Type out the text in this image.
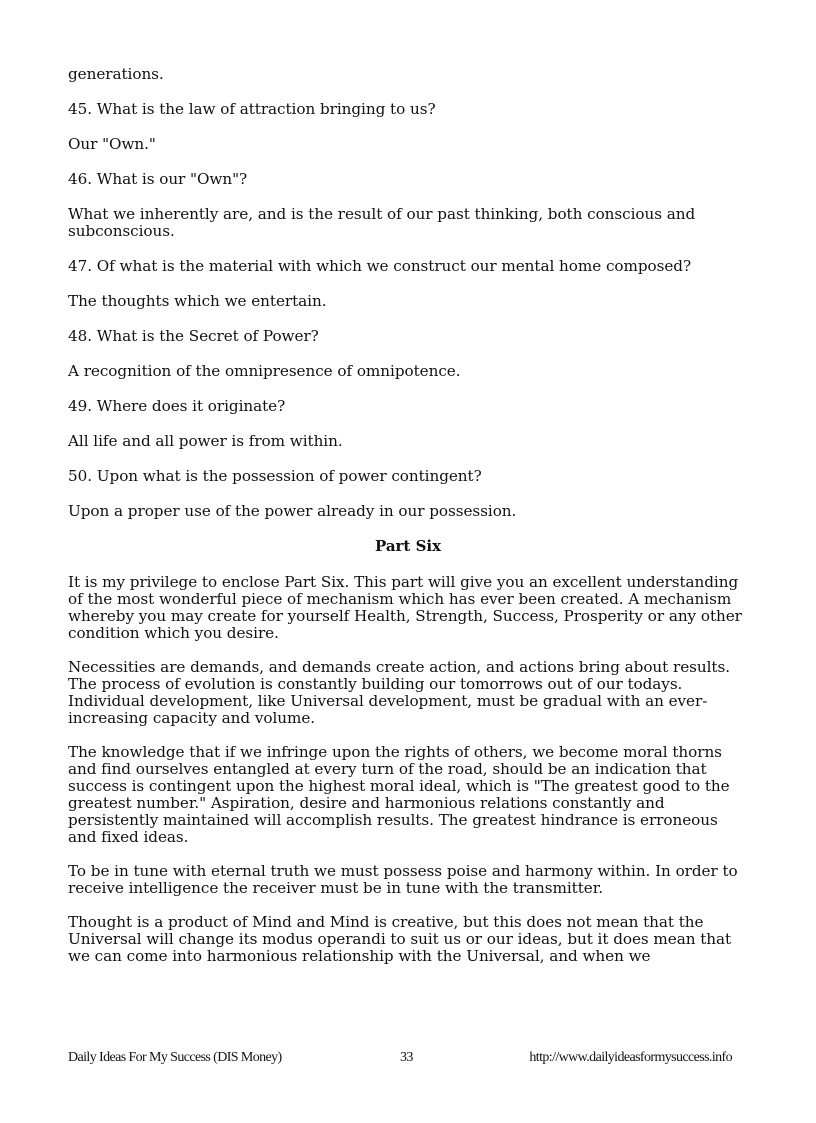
generations.

45. What is the law of attraction bringing to us?

Our "Own."

46. What is our "Own"?

What we inherently are, and is the result of our past thinking, both conscious and subconscious.

47. Of what is the material with which we construct our mental home composed?

The thoughts which we entertain.

48. What is the Secret of Power?

A recognition of the omnipresence of omnipotence.

49. Where does it originate?

All life and all power is from within.

50. Upon what is the possession of power contingent?

Upon a proper use of the power already in our possession.

Part Six

It is my privilege to enclose Part Six. This part will give you an excellent understanding of the most wonderful piece of mechanism which has ever been created. A mechanism whereby you may create for yourself Health, Strength, Success, Prosperity or any other condition which you desire.

Necessities are demands, and demands create action, and actions bring about results. The process of evolution is constantly building our tomorrows out of our todays. Individual development, like Universal development, must be gradual with an ever-increasing capacity and volume.

The knowledge that if we infringe upon the rights of others, we become moral thorns and find ourselves entangled at every turn of the road, should be an indication that success is contingent upon the highest moral ideal, which is "The greatest good to the greatest number." Aspiration, desire and harmonious relations constantly and persistently maintained will accomplish results. The greatest hindrance is erroneous and fixed ideas.

To be in tune with eternal truth we must possess poise and harmony within. In order to receive intelligence the receiver must be in tune with the transmitter.

Thought is a product of Mind and Mind is creative, but this does not mean that the Universal will change its modus operandi to suit us or our ideas, but it does mean that we can come into harmonious relationship with the Universal, and when we

Daily Ideas For My Success (DIS Money)	33	http://www.dailyideasformysuccess.info
